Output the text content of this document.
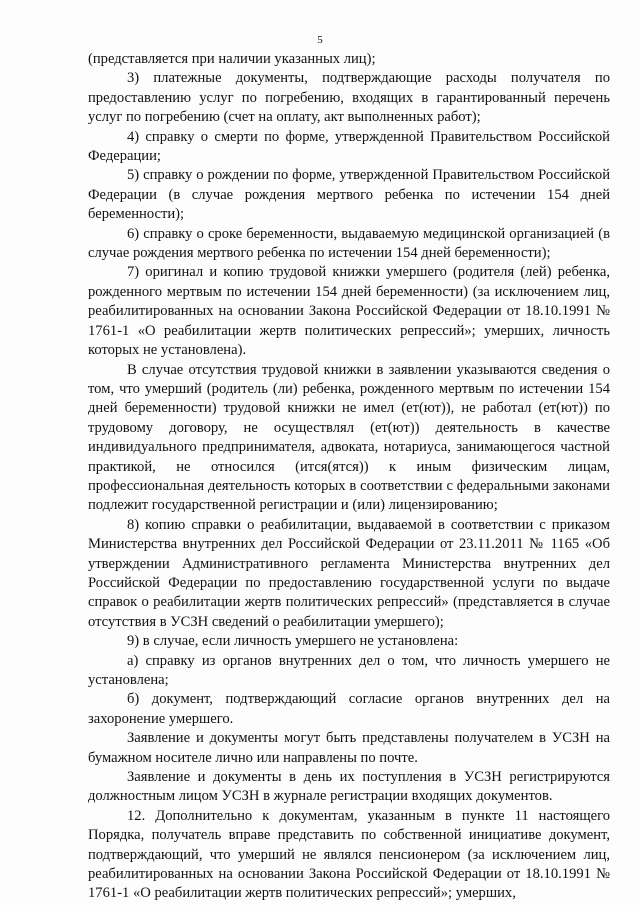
5

(представляется при наличии указанных лиц);

3) платежные документы, подтверждающие расходы получателя по предоставлению услуг по погребению, входящих в гарантированный перечень услуг по погребению (счет на оплату, акт выполненных работ);

4) справку о смерти по форме, утвержденной Правительством Российской Федерации;

5) справку о рождении по форме, утвержденной Правительством Российской Федерации (в случае рождения мертвого ребенка по истечении 154 дней беременности);

6) справку о сроке беременности, выдаваемую медицинской организацией (в случае рождения мертвого ребенка по истечении 154 дней беременности);

7) оригинал и копию трудовой книжки умершего (родителя (лей) ребенка, рожденного мертвым по истечении 154 дней беременности) (за исключением лиц, реабилитированных на основании Закона Российской Федерации от 18.10.1991 № 1761-1 «О реабилитации жертв политических репрессий»; умерших, личность которых не установлена).

В случае отсутствия трудовой книжки в заявлении указываются сведения о том, что умерший (родитель (ли) ребенка, рожденного мертвым по истечении 154 дней беременности) трудовой книжки не имел (ет(ют)), не работал (ет(ют)) по трудовому договору, не осуществлял (ет(ют)) деятельность в качестве индивидуального предпринимателя, адвоката, нотариуса, занимающегося частной практикой, не относился (ится(ятся)) к иным физическим лицам, профессиональная деятельность которых в соответствии с федеральными законами подлежит государственной регистрации и (или) лицензированию;

8) копию справки о реабилитации, выдаваемой в соответствии с приказом Министерства внутренних дел Российской Федерации от 23.11.2011 № 1165 «Об утверждении Административного регламента Министерства внутренних дел Российской Федерации по предоставлению государственной услуги по выдаче справок о реабилитации жертв политических репрессий» (представляется в случае отсутствия в УСЗН сведений о реабилитации умершего);

9) в случае, если личность умершего не установлена:

а) справку из органов внутренних дел о том, что личность умершего не установлена;

б) документ, подтверждающий согласие органов внутренних дел на захоронение умершего.

Заявление и документы могут быть представлены получателем в УСЗН на бумажном носителе лично или направлены по почте.

Заявление и документы в день их поступления в УСЗН регистрируются должностным лицом УСЗН в журнале регистрации входящих документов.

12. Дополнительно к документам, указанным в пункте 11 настоящего Порядка, получатель вправе представить по собственной инициативе документ, подтверждающий, что умерший не являлся пенсионером (за исключением лиц, реабилитированных на основании Закона Российской Федерации от 18.10.1991 № 1761-1 «О реабилитации жертв политических репрессий»; умерших,
